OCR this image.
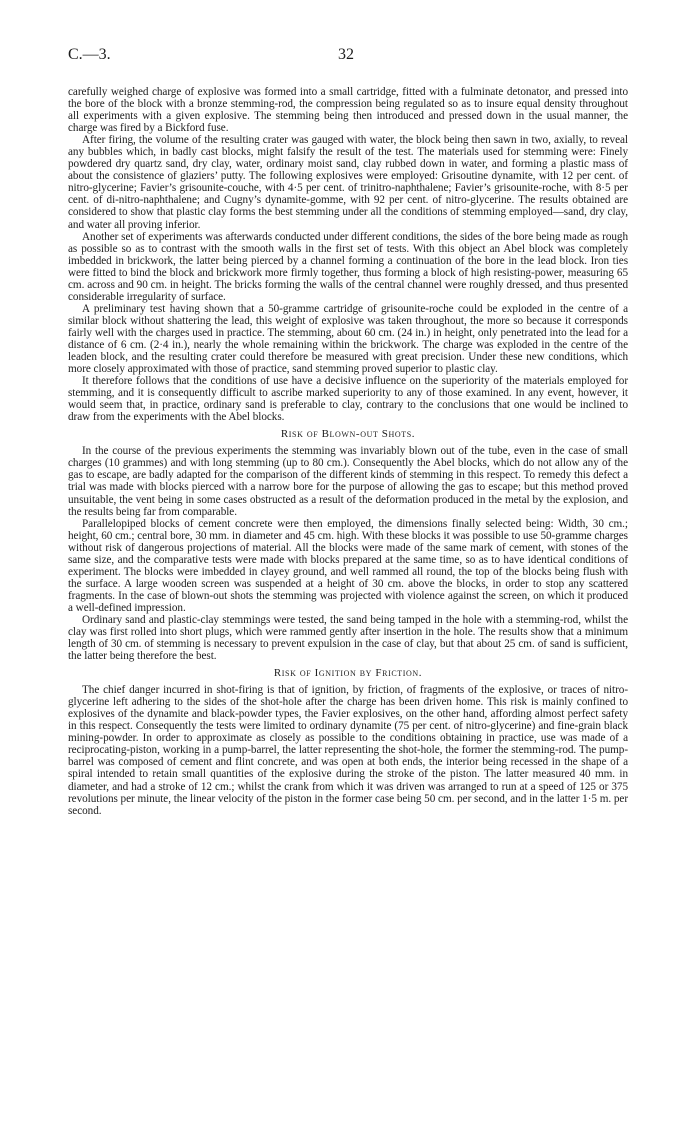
C.—3.	32

carefully weighed charge of explosive was formed into a small cartridge, fitted with a fulminate detonator, and pressed into the bore of the block with a bronze stemming-rod, the compression being regulated so as to insure equal density throughout all experiments with a given explosive. The stemming being then introduced and pressed down in the usual manner, the charge was fired by a Bickford fuse.

After firing, the volume of the resulting crater was gauged with water, the block being then sawn in two, axially, to reveal any bubbles which, in badly cast blocks, might falsify the result of the test. The materials used for stemming were: Finely powdered dry quartz sand, dry clay, water, ordinary moist sand, clay rubbed down in water, and forming a plastic mass of about the consistence of glaziers’ putty. The following explosives were employed: Grisoutine dynamite, with 12 per cent. of nitro-glycerine; Favier’s grisounite-couche, with 4·5 per cent. of trinitro-naphthalene; Favier’s grisounite-roche, with 8·5 per cent. of di-nitro-naphthalene; and Cugny’s dynamite-gomme, with 92 per cent. of nitro-glycerine. The results obtained are considered to show that plastic clay forms the best stemming under all the conditions of stemming employed—sand, dry clay, and water all proving inferior.

Another set of experiments was afterwards conducted under different conditions, the sides of the bore being made as rough as possible so as to contrast with the smooth walls in the first set of tests. With this object an Abel block was completely imbedded in brickwork, the latter being pierced by a channel forming a continuation of the bore in the lead block. Iron ties were fitted to bind the block and brickwork more firmly together, thus forming a block of high resisting-power, measuring 65 cm. across and 90 cm. in height. The bricks forming the walls of the central channel were roughly dressed, and thus presented considerable irregularity of surface.

A preliminary test having shown that a 50-gramme cartridge of grisounite-roche could be exploded in the centre of a similar block without shattering the lead, this weight of explosive was taken throughout, the more so because it corresponds fairly well with the charges used in practice. The stemming, about 60 cm. (24 in.) in height, only penetrated into the lead for a distance of 6 cm. (2·4 in.), nearly the whole remaining within the brickwork. The charge was exploded in the centre of the leaden block, and the resulting crater could therefore be measured with great precision. Under these new conditions, which more closely approximated with those of practice, sand stemming proved superior to plastic clay.

It therefore follows that the conditions of use have a decisive influence on the superiority of the materials employed for stemming, and it is consequently difficult to ascribe marked superiority to any of those examined. In any event, however, it would seem that, in practice, ordinary sand is preferable to clay, contrary to the conclusions that one would be inclined to draw from the experiments with the Abel blocks.

Risk of Blown-out Shots.

In the course of the previous experiments the stemming was invariably blown out of the tube, even in the case of small charges (10 grammes) and with long stemming (up to 80 cm.). Consequently the Abel blocks, which do not allow any of the gas to escape, are badly adapted for the comparison of the different kinds of stemming in this respect. To remedy this defect a trial was made with blocks pierced with a narrow bore for the purpose of allowing the gas to escape; but this method proved unsuitable, the vent being in some cases obstructed as a result of the deformation produced in the metal by the explosion, and the results being far from comparable.

Parallelopiped blocks of cement concrete were then employed, the dimensions finally selected being: Width, 30 cm.; height, 60 cm.; central bore, 30 mm. in diameter and 45 cm. high. With these blocks it was possible to use 50-gramme charges without risk of dangerous projections of material. All the blocks were made of the same mark of cement, with stones of the same size, and the comparative tests were made with blocks prepared at the same time, so as to have identical conditions of experiment. The blocks were imbedded in clayey ground, and well rammed all round, the top of the blocks being flush with the surface. A large wooden screen was suspended at a height of 30 cm. above the blocks, in order to stop any scattered fragments. In the case of blown-out shots the stemming was projected with violence against the screen, on which it produced a well-defined impression.

Ordinary sand and plastic-clay stemmings were tested, the sand being tamped in the hole with a stemming-rod, whilst the clay was first rolled into short plugs, which were rammed gently after insertion in the hole. The results show that a minimum length of 30 cm. of stemming is necessary to prevent expulsion in the case of clay, but that about 25 cm. of sand is sufficient, the latter being therefore the best.

Risk of Ignition by Friction.

The chief danger incurred in shot-firing is that of ignition, by friction, of fragments of the explosive, or traces of nitro-glycerine left adhering to the sides of the shot-hole after the charge has been driven home. This risk is mainly confined to explosives of the dynamite and black-powder types, the Favier explosives, on the other hand, affording almost perfect safety in this respect. Consequently the tests were limited to ordinary dynamite (75 per cent. of nitro-glycerine) and fine-grain black mining-powder. In order to approximate as closely as possible to the conditions obtaining in practice, use was made of a reciprocating-piston, working in a pump-barrel, the latter representing the shot-hole, the former the stemming-rod. The pump-barrel was composed of cement and flint concrete, and was open at both ends, the interior being recessed in the shape of a spiral intended to retain small quantities of the explosive during the stroke of the piston. The latter measured 40 mm. in diameter, and had a stroke of 12 cm.; whilst the crank from which it was driven was arranged to run at a speed of 125 or 375 revolutions per minute, the linear velocity of the piston in the former case being 50 cm. per second, and in the latter 1·5 m. per second.
